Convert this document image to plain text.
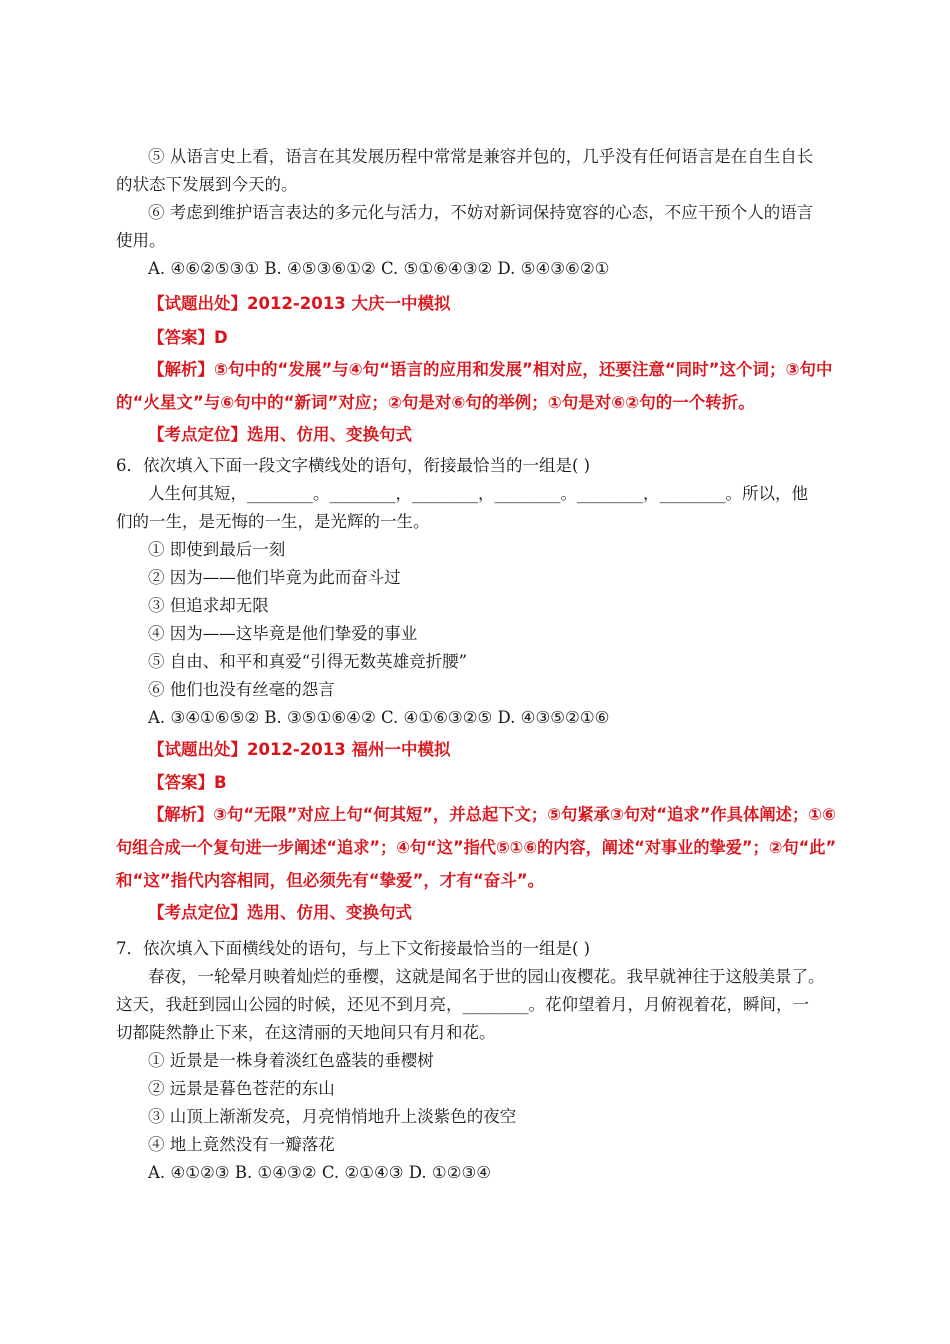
⑤ 从语言史上看，语言在其发展历程中常常是兼容并包的，几乎没有任何语言是在自生自长
的状态下发展到今天的。
⑥ 考虑到维护语言表达的多元化与活力，不妨对新词保持宽容的心态，不应干预个人的语言
使用。
A. ④⑥②⑤③① B. ④⑤③⑥①② C. ⑤①⑥④③② D. ⑤④③⑥②①
【试题出处】2012-2013 大庆一中模拟
【答案】D
【解析】⑤句中的“发展”与④句“语言的应用和发展”相对应，还要注意“同时”这个词；③句中
的“火星文”与⑥句中的“新词”对应；②句是对⑥句的举例；①句是对⑥②句的一个转折。
【考点定位】选用、仿用、变换句式
6．依次填入下面一段文字横线处的语句，衔接最恰当的一组是( )
人生何其短，________。________，________，________。________，________。所以，他
们的一生，是无悔的一生，是光辉的一生。
① 即使到最后一刻
② 因为——他们毕竟为此而奋斗过
③ 但追求却无限
④ 因为——这毕竟是他们挚爱的事业
⑤ 自由、和平和真爱“引得无数英雄竞折腰”
⑥ 他们也没有丝毫的怨言
A. ③④①⑥⑤② B. ③⑤①⑥④② C. ④①⑥③②⑤ D. ④③⑤②①⑥
【试题出处】2012-2013 福州一中模拟
【答案】B
【解析】③句“无限”对应上句“何其短”，并总起下文；⑤句紧承③句对“追求”作具体阐述；①⑥
句组合成一个复句进一步阐述“追求”；④句“这”指代⑤①⑥的内容，阐述“对事业的挚爱”；②句“此”
和“这”指代内容相同，但必须先有“挚爱”，才有“奋斗”。
【考点定位】选用、仿用、变换句式
7．依次填入下面横线处的语句，与上下文衔接最恰当的一组是( )
春夜，一轮晕月映着灿烂的垂樱，这就是闻名于世的园山夜樱花。我早就神往于这般美景了。
这天，我赶到园山公园的时候，还见不到月亮，________。花仰望着月，月俯视着花，瞬间，一
切都陡然静止下来，在这清丽的天地间只有月和花。
① 近景是一株身着淡红色盛装的垂樱树
② 远景是暮色苍茫的东山
③ 山顶上渐渐发亮，月亮悄悄地升上淡紫色的夜空
④ 地上竟然没有一瓣落花
A. ④①②③ B. ①④③② C. ②①④③ D. ①②③④
